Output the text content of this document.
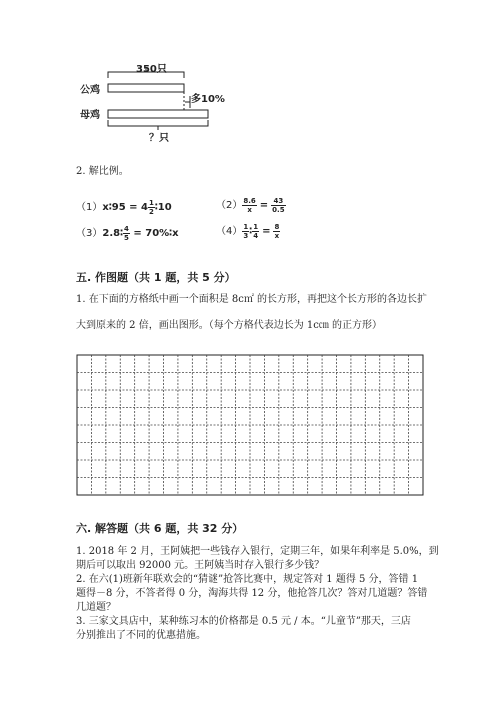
350只
公鸡
母鸡
多10%
？只
2. 解比例。
（1）x∶95 = $4 \frac{1}{2}$ ∶10	$(2) \frac{8.6}{x} = \frac{43}{0.5}$
（3）2.8∶ $\frac{4}{5}$ = 70%∶x	$(4) \frac{1}{3}$ ∶ $\frac{1}{4} = \frac{8}{x}$
五. 作图题（共 1 题，共 5 分）
1. 在下面的方格纸中画一个面积是 8c㎡ 的长方形，再把这个长方形的各边长扩
大到原来的 2 倍，画出图形。（每个方格代表边长为 1c㎝ 的正方形）
六. 解答题（共 6 题，共 32 分）
1. 2018 年 2 月，王阿姨把一些钱存入银行，定期三年，如果年利率是 5.0%，到
期后可以取出 92000 元。王阿姨当时存入银行多少钱？
2. 在六(1)班新年联欢会的“猜谜”抢答比赛中，规定答对 1 题得 5 分，答错 1
题得－8 分，不答者得 0 分，淘海共得 12 分，他抢答几次？答对几道题？答错
几道题？
3. 三家文具店中，某种练习本的价格都是 0.5 元 / 本。“儿童节”那天，三店
分别推出了不同的优惠措施。
